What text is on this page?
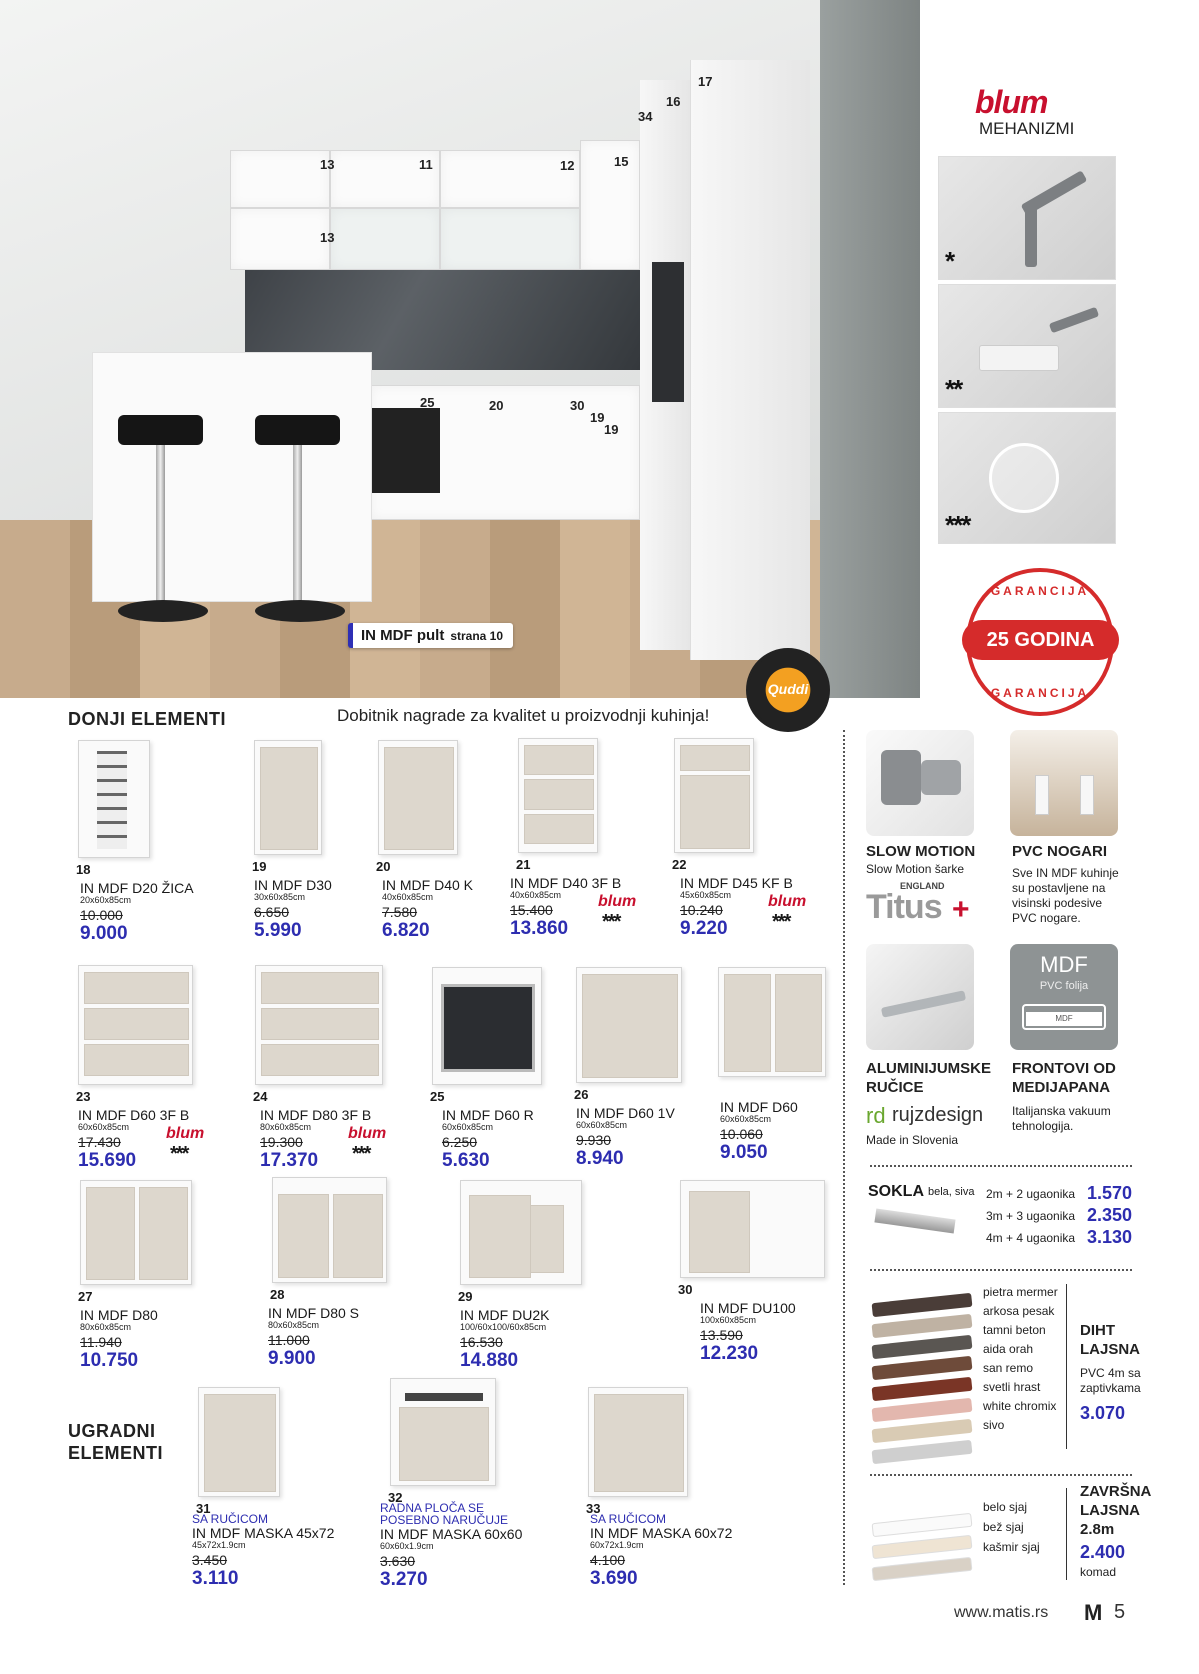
13	11	12	15
34
16
17
13
25	20	30
19
19
IN MDF pult strana 10
blum
MEHANIZMI
*
**
***
GARANCIJA
25 GODINA
GARANCIJA
Quddi
DONJI ELEMENTI	Dobitnik nagrade za kvalitet u proizvodnji kuhinja!
UGRADNI ELEMENTI
18
IN MDF D20 ŽICA
20x60x85cm
10.000
9.000
19
IN MDF D30
30x60x85cm
6.650
5.990
20
IN MDF D40 K
40x60x85cm
7.580
6.820
21
IN MDF D40 3F B
40x60x85cm
15.400
13.860
blum
***
22
IN MDF D45 KF B
45x60x85cm
10.240
9.220
blum
***
23
IN MDF D60 3F B
60x60x85cm
17.430
15.690
blum
***
24
IN MDF D80 3F B
80x60x85cm
19.300
17.370
blum
***
25
IN MDF D60 R
60x60x85cm
6.250
5.630
26
IN MDF D60 1V
60x60x85cm
9.930
8.940
IN MDF D60
60x60x85cm
10.060
9.050
27
IN MDF D80
80x60x85cm
11.940
10.750
28
IN MDF D80 S
80x60x85cm
11.000
9.900
29
IN MDF DU2K
100/60x100/60x85cm
16.530
14.880
30
IN MDF DU100
100x60x85cm
13.590
12.230
31
SA RUČICOM
IN MDF MASKA 45x72
45x72x1.9cm
3.450
3.110
32
RADNA PLOČA SE POSEBNO NARUČUJE
IN MDF MASKA 60x60
60x60x1.9cm
3.630
3.270
33
SA RUČICOM
IN MDF MASKA 60x72
60x72x1.9cm
4.100
3.690
SLOW MOTION
Slow Motion šarke
ENGLAND
Titus +
PVC NOGARI
Sve IN MDF kuhinje su postavljene na visinski podesive PVC nogare.
ALUMINIJUMSKE
RUČICE
rd rujzdesign
Made in Slovenia
MDF
PVC folija
MDF
FRONTOVI OD
MEDIJAPANA
Italijanska vakuum tehnologija.
SOKLA bela, siva 2m + 2 ugaonika 1.570
3m + 3 ugaonika 2.350
4m + 4 ugaonika 3.130
pietra mermer
arkosa pesak
tamni beton
aida orah
san remo
svetli hrast
white chromix
sivo
DIHT
LAJSNA
PVC 4m sa zaptivkama
3.070
belo sjaj
bež sjaj
kašmir sjaj
ZAVRŠNA
LAJSNA
2.8m
2.400
komad
www.matis.rs M 5
